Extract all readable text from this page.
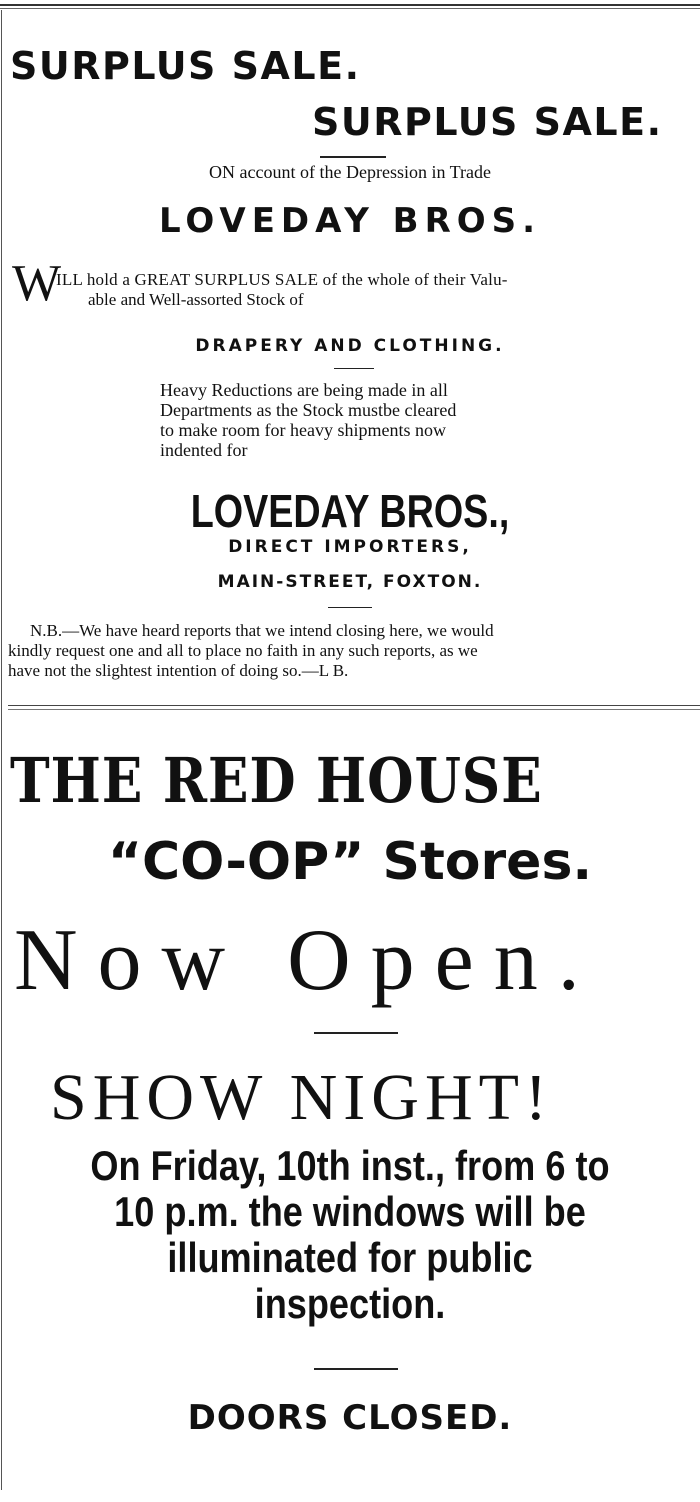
SURPLUS SALE.
SURPLUS SALE.
ON account of the Depression in Trade
LOVEDAY BROS.
W
ILL hold a GREAT SURPLUS SALE of the whole of their Valu-
able and Well-assorted Stock of
DRAPERY AND CLOTHING.
Heavy Reductions are being made in all
Departments as the Stock mustbe cleared
to make room for heavy shipments now
indented for
LOVEDAY BROS.,
DIRECT IMPORTERS,
MAIN-STREET, FOXTON.
N.B.—We have heard reports that we intend closing here, we would
kindly request one and all to place no faith in any such reports, as we
have not the slightest intention of doing so.—L B.
THE RED HOUSE
“CO-OP” Stores.
Now Open.
SHOW NIGHT!
On Friday, 10th inst., from 6 to
10 p.m. the windows will be
illuminated for public
inspection.
DOORS CLOSED.
